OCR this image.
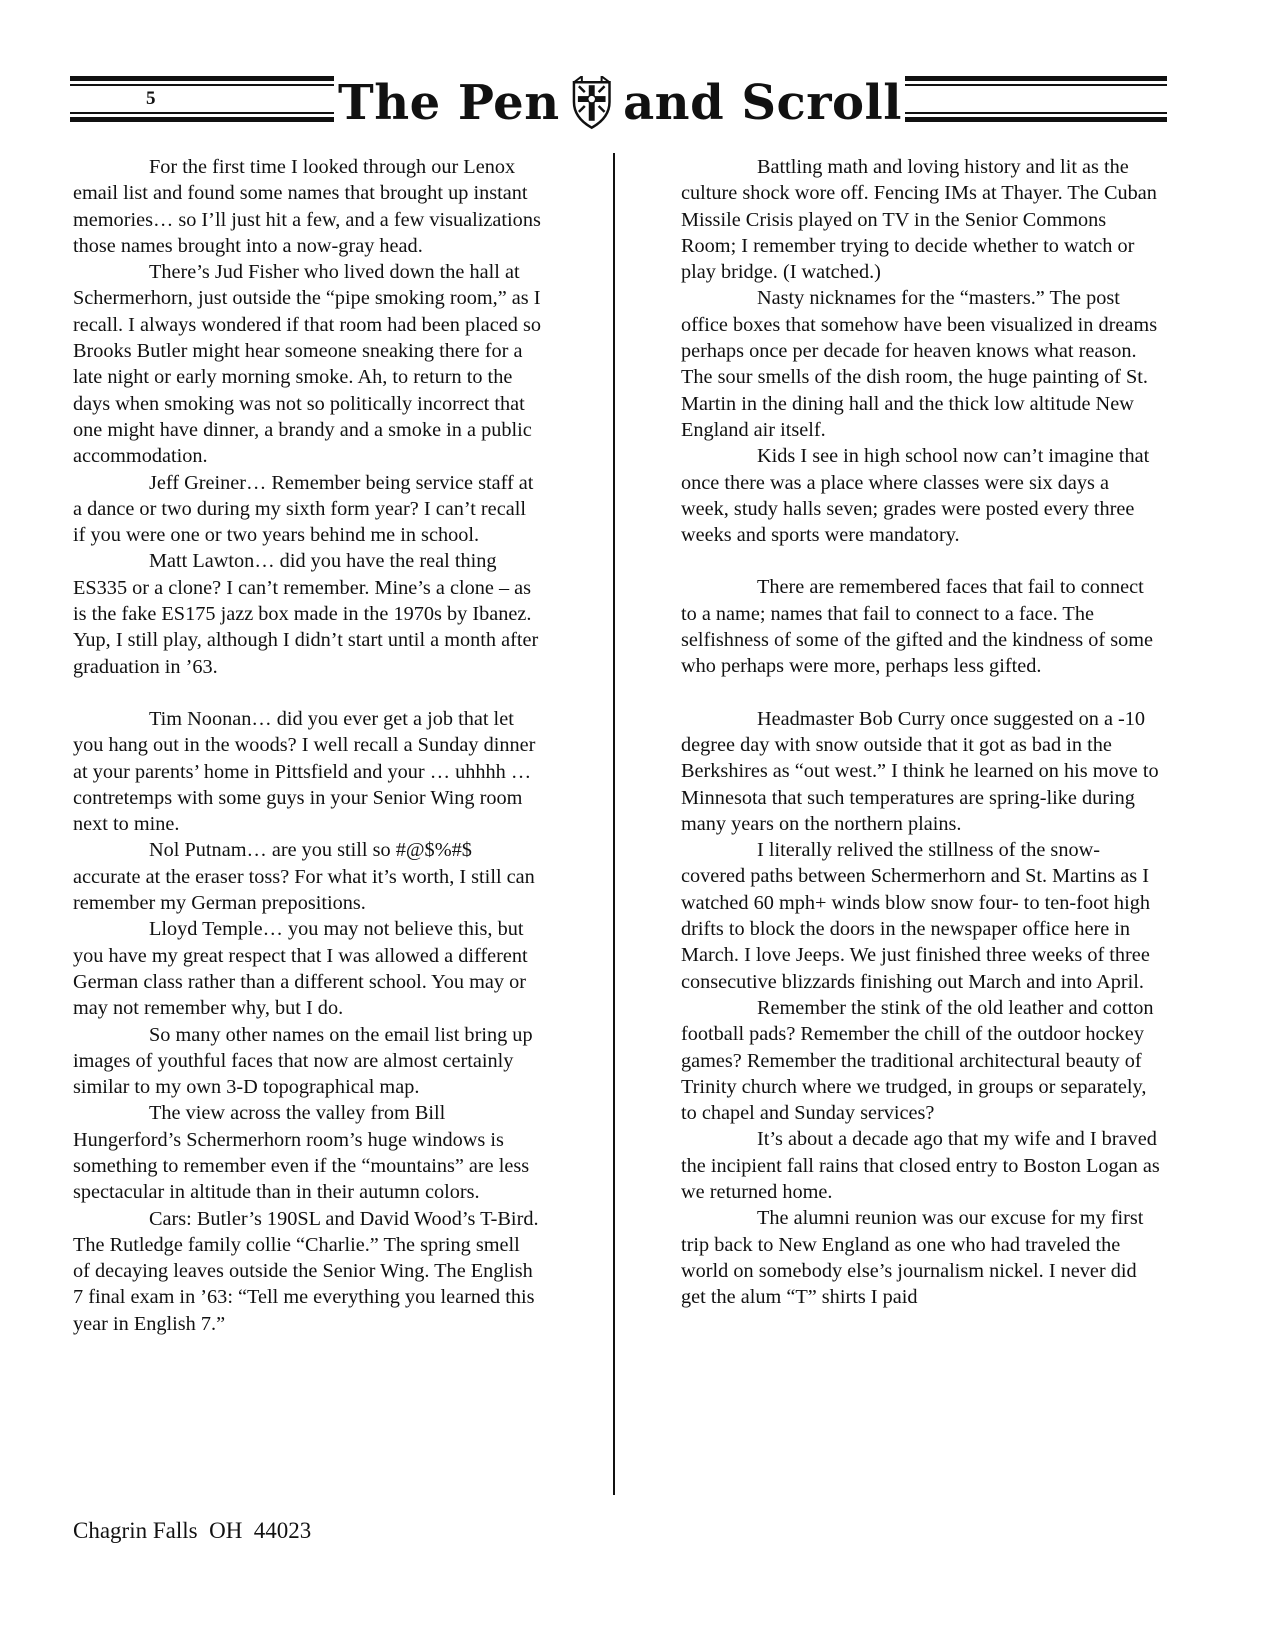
5	The Pen and Scroll

For the first time I looked through our Lenox email list and found some names that brought up instant memories… so I’ll just hit a few, and a few visualizations those names brought into a now-gray head.

There’s Jud Fisher who lived down the hall at Schermerhorn, just outside the “pipe smoking room,” as I recall. I always wondered if that room had been placed so Brooks Butler might hear someone sneaking there for a late night or early morning smoke. Ah, to return to the days when smoking was not so politically incorrect that one might have dinner, a brandy and a smoke in a public accommodation.

Jeff Greiner… Remember being service staff at a dance or two during my sixth form year? I can’t recall if you were one or two years behind me in school.

Matt Lawton… did you have the real thing ES335 or a clone? I can’t remember. Mine’s a clone – as is the fake ES175 jazz box made in the 1970s by Ibanez. Yup, I still play, although I didn’t start until a month after graduation in ’63.

Tim Noonan… did you ever get a job that let you hang out in the woods? I well recall a Sunday dinner at your parents’ home in Pittsfield and your … uhhhh … contretemps with some guys in your Senior Wing room next to mine.

Nol Putnam… are you still so #@$%#$ accurate at the eraser toss? For what it’s worth, I still can remember my German prepositions.

Lloyd Temple… you may not believe this, but you have my great respect that I was allowed a different German class rather than a different school. You may or may not remember why, but I do.

So many other names on the email list bring up images of youthful faces that now are almost certainly similar to my own 3-D topographical map.

The view across the valley from Bill Hungerford’s Schermerhorn room’s huge windows is something to remember even if the “mountains” are less spectacular in altitude than in their autumn colors.

Cars: Butler’s 190SL and David Wood’s T-Bird. The Rutledge family collie “Charlie.” The spring smell of decaying leaves outside the Senior Wing. The English 7 final exam in ’63: “Tell me everything you learned this year in English 7.”

Battling math and loving history and lit as the culture shock wore off. Fencing IMs at Thayer. The Cuban Missile Crisis played on TV in the Senior Commons Room; I remember trying to decide whether to watch or play bridge. (I watched.)

Nasty nicknames for the “masters.” The post office boxes that somehow have been visualized in dreams perhaps once per decade for heaven knows what reason. The sour smells of the dish room, the huge painting of St. Martin in the dining hall and the thick low altitude New England air itself.

Kids I see in high school now can’t imagine that once there was a place where classes were six days a week, study halls seven; grades were posted every three weeks and sports were mandatory.

There are remembered faces that fail to connect to a name; names that fail to connect to a face. The selfishness of some of the gifted and the kindness of some who perhaps were more, perhaps less gifted.

Headmaster Bob Curry once suggested on a -10 degree day with snow outside that it got as bad in the Berkshires as “out west.” I think he learned on his move to Minnesota that such temperatures are spring-like during many years on the northern plains.

I literally relived the stillness of the snow-covered paths between Schermerhorn and St. Martins as I watched 60 mph+ winds blow snow four- to ten-foot high drifts to block the doors in the newspaper office here in March. I love Jeeps. We just finished three weeks of three consecutive blizzards finishing out March and into April.

Remember the stink of the old leather and cotton football pads? Remember the chill of the outdoor hockey games? Remember the traditional architectural beauty of Trinity church where we trudged, in groups or separately, to chapel and Sunday services?

It’s about a decade ago that my wife and I braved the incipient fall rains that closed entry to Boston Logan as we returned home.

The alumni reunion was our excuse for my first trip back to New England as one who had traveled the world on somebody else’s journalism nickel. I never did get the alum “T” shirts I paid

Chagrin Falls  OH  44023
